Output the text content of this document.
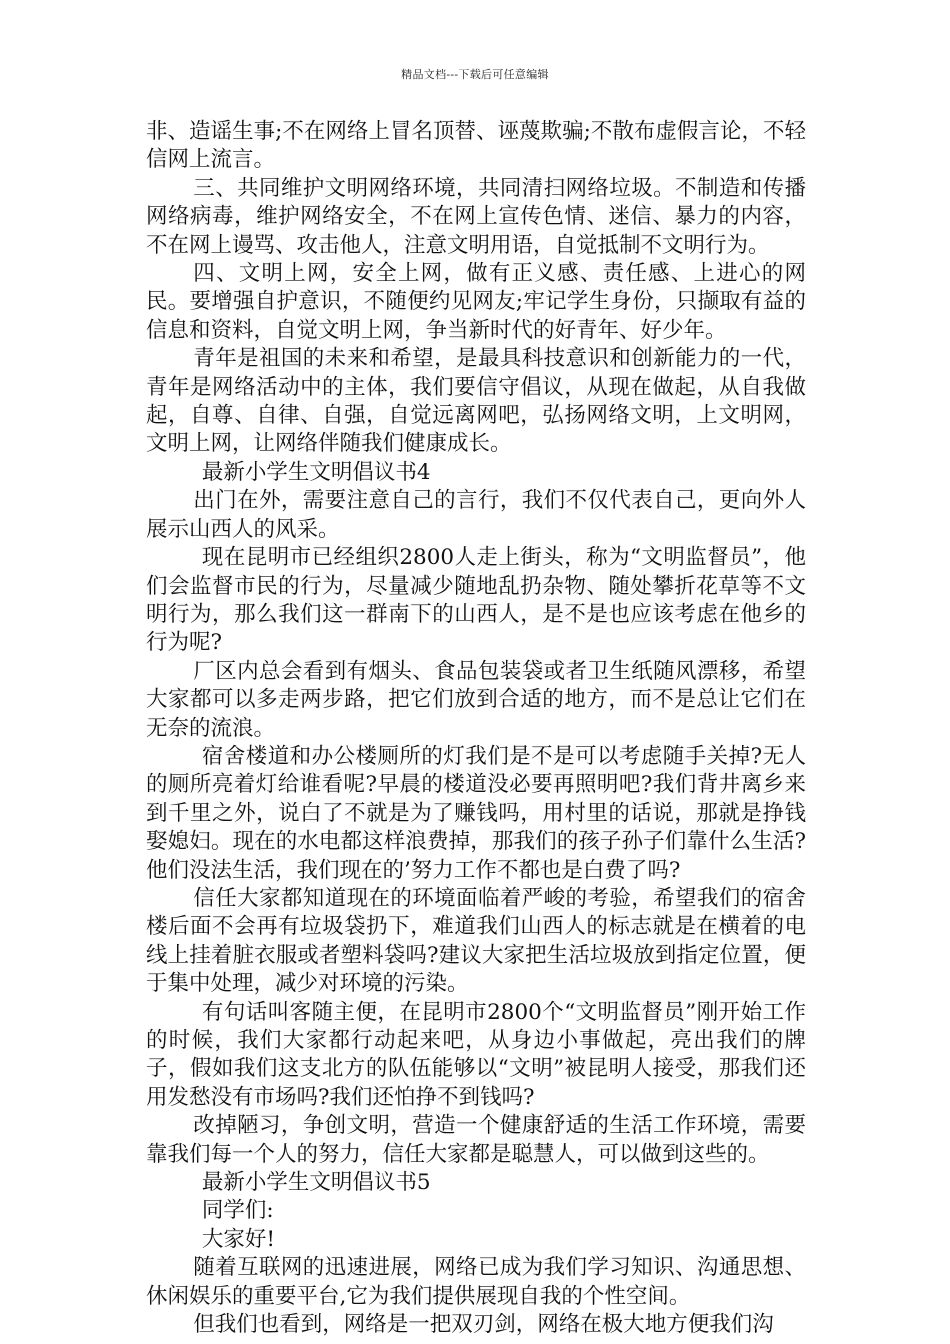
精品文档---下载后可任意编辑

非、造谣生事;不在网络上冒名顶替、诬蔑欺骗;不散布虚假言论，不轻信网上流言。

三、共同维护文明网络环境，共同清扫网络垃圾。不制造和传播网络病毒，维护网络安全，不在网上宣传色情、迷信、暴力的内容，不在网上谩骂、攻击他人，注意文明用语，自觉抵制不文明行为。

四、文明上网，安全上网，做有正义感、责任感、上进心的网民。要增强自护意识，不随便约见网友;牢记学生身份，只撷取有益的信息和资料，自觉文明上网，争当新时代的好青年、好少年。

青年是祖国的未来和希望，是最具科技意识和创新能力的一代，青年是网络活动中的主体，我们要信守倡议，从现在做起，从自我做起，自尊、自律、自强，自觉远离网吧，弘扬网络文明，上文明网，文明上网，让网络伴随我们健康成长。

最新小学生文明倡议书4

出门在外，需要注意自己的言行，我们不仅代表自己，更向外人展示山西人的风采。

现在昆明市已经组织2800人走上街头，称为“文明监督员”，他们会监督市民的行为，尽量减少随地乱扔杂物、随处攀折花草等不文明行为，那么我们这一群南下的山西人，是不是也应该考虑在他乡的行为呢?

厂区内总会看到有烟头、食品包装袋或者卫生纸随风漂移，希望大家都可以多走两步路，把它们放到合适的地方，而不是总让它们在无奈的流浪。

宿舍楼道和办公楼厕所的灯我们是不是可以考虑随手关掉?无人的厕所亮着灯给谁看呢?早晨的楼道没必要再照明吧?我们背井离乡来到千里之外，说白了不就是为了赚钱吗，用村里的话说，那就是挣钱娶媳妇。现在的水电都这样浪费掉，那我们的孩子孙子们靠什么生活?他们没法生活，我们现在的’努力工作不都也是白费了吗?

信任大家都知道现在的环境面临着严峻的考验，希望我们的宿舍楼后面不会再有垃圾袋扔下，难道我们山西人的标志就是在横着的电线上挂着脏衣服或者塑料袋吗?建议大家把生活垃圾放到指定位置，便于集中处理，减少对环境的污染。

有句话叫客随主便，在昆明市2800个“文明监督员”刚开始工作的时候，我们大家都行动起来吧，从身边小事做起，亮出我们的牌子，假如我们这支北方的队伍能够以“文明”被昆明人接受，那我们还用发愁没有市场吗?我们还怕挣不到钱吗?

改掉陋习，争创文明，营造一个健康舒适的生活工作环境，需要靠我们每一个人的努力，信任大家都是聪慧人，可以做到这些的。

最新小学生文明倡议书5

同学们:

大家好!

随着互联网的迅速进展，网络已成为我们学习知识、沟通思想、休闲娱乐的重要平台,它为我们提供展现自我的个性空间。

但我们也看到，网络是一把双刃剑，网络在极大地方便我们沟
